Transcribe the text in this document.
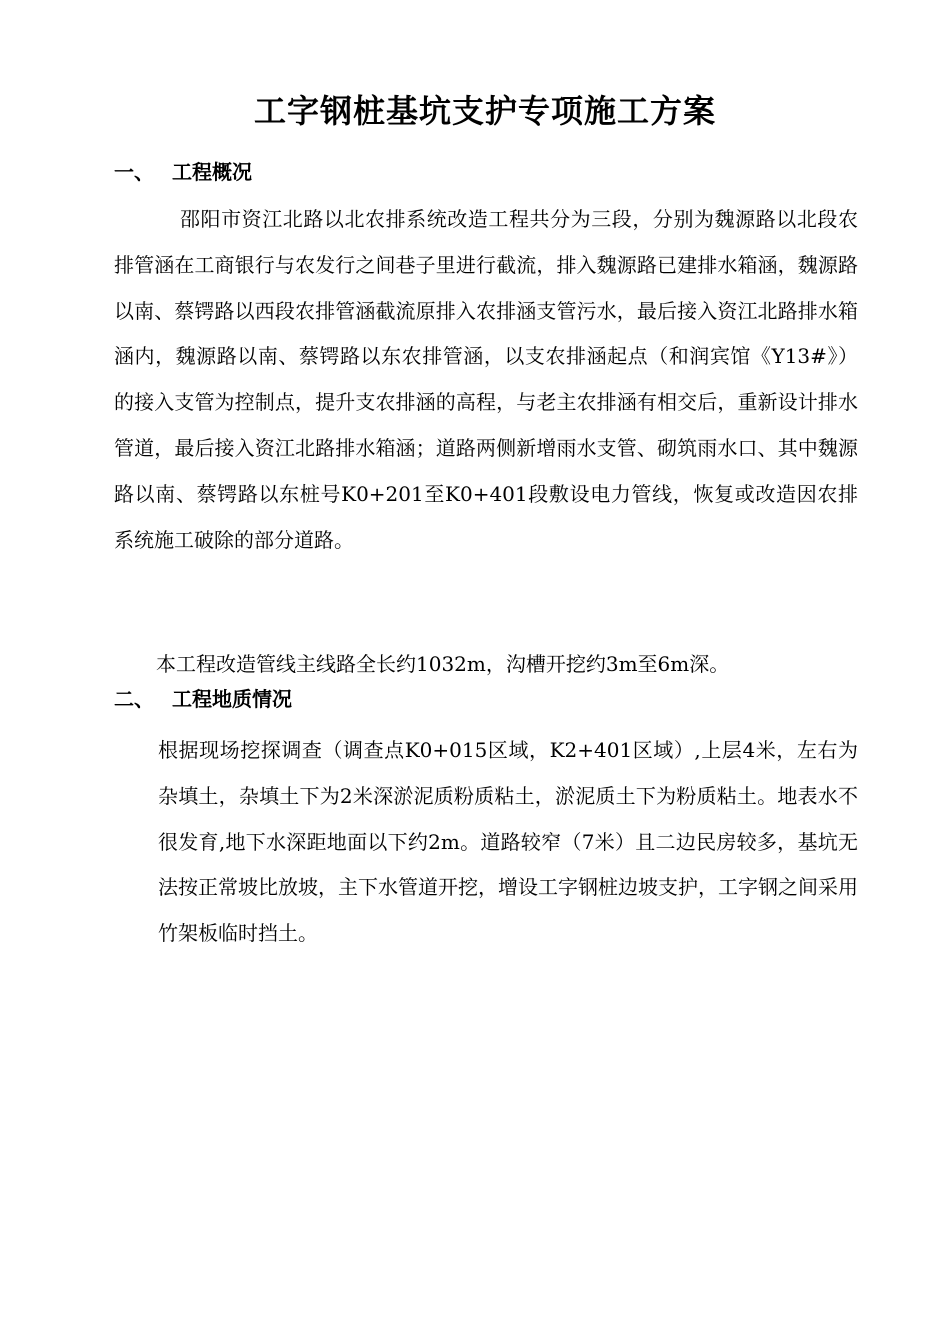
工字钢桩基坑支护专项施工方案
一、 工程概况

邵阳市资江北路以北农排系统改造工程共分为三段，分别为魏源路以北段农排管涵在工商银行与农发行之间巷子里进行截流，排入魏源路已建排水箱涵，魏源路以南、蔡锷路以西段农排管涵截流原排入农排涵支管污水，最后接入资江北路排水箱涵内，魏源路以南、蔡锷路以东农排管涵，以支农排涵起点（和润宾馆《Y13#》）的接入支管为控制点，提升支农排涵的高程，与老主农排涵有相交后，重新设计排水管道，最后接入资江北路排水箱涵；道路两侧新增雨水支管、砌筑雨水口、其中魏源路以南、蔡锷路以东桩号K0+201至K0+401段敷设电力管线，恢复或改造因农排系统施工破除的部分道路。

本工程改造管线主线路全长约1032m，沟槽开挖约3m至6m深。

二、 工程地质情况

根据现场挖探调查（调查点K0+015区域，K2+401区域）,上层4米，左右为杂填土，杂填土下为2米深淤泥质粉质粘土，淤泥质土下为粉质粘土。地表水不很发育,地下水深距地面以下约2m。道路较窄（7米）且二边民房较多，基坑无法按正常坡比放坡，主下水管道开挖，增设工字钢桩边坡支护，工字钢之间采用竹架板临时挡土。
